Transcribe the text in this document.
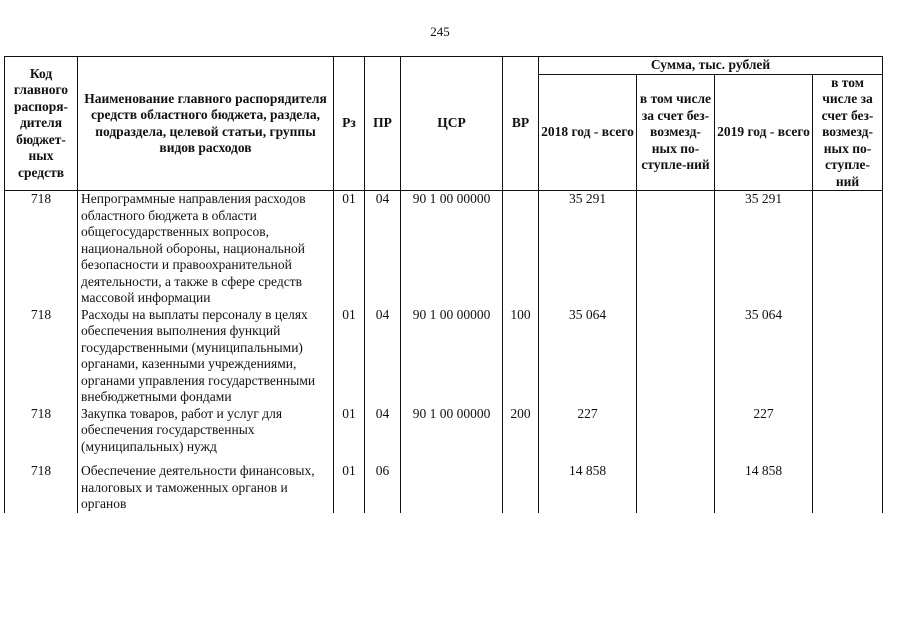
245
Код главного распоря-дителя бюджет-ных средств	Наименование главного распорядителя средств областного бюджета, раздела, подраздела, целевой статьи, группы видов расходов	Рз	ПР	ЦСР	ВР	Сумма, тыс. рублей			
						2018 год - всего	в том числе за счет без-возмезд-ных по-ступле-ний	2019 год - всего	в том числе за счет без-возмезд-ных по-ступле-ний
718	Непрограммные направления расходов областного бюджета в области общегосударственных вопросов, национальной обороны, национальной безопасности и правоохранительной деятельности, а также в сфере средств массовой информации	01	04	90 1 00 00000		35 291		35 291	
718	Расходы на выплаты персоналу в целях обеспечения выполнения функций государственными (муниципальными) органами, казенными учреждениями, органами управления государственными внебюджетными фондами	01	04	90 1 00 00000	100	35 064		35 064	
718	Закупка товаров, работ и услуг для обеспечения государственных (муниципальных) нужд	01	04	90 1 00 00000	200	227		227	

718	Обеспечение деятельности финансовых, налоговых и таможенных органов и органов	01	06			14 858		14 858	
